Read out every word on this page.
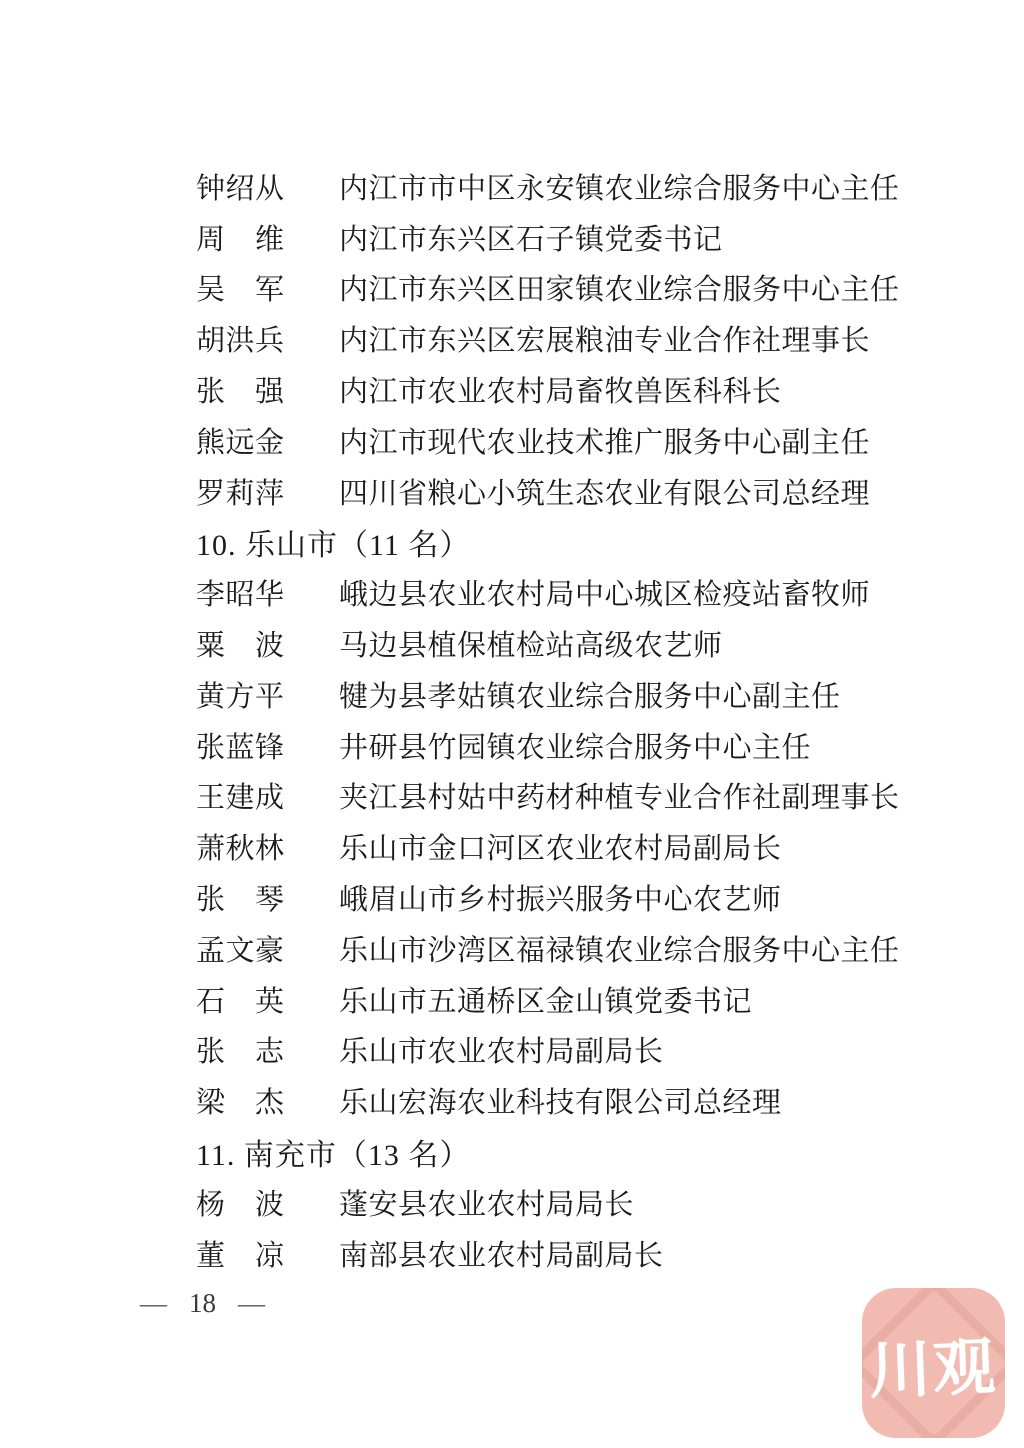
钟 绍 从 内江市市中区永安镇农业综合服务中心主任
周 维 内江市东兴区石子镇党委书记
吴 军 内江市东兴区田家镇农业综合服务中心主任
胡 洪 兵 内江市东兴区宏展粮油专业合作社理事长
张 强 内江市农业农村局畜牧兽医科科长
熊 远 金 内江市现代农业技术推广服务中心副主任
罗 莉 萍 四川省粮心小筑生态农业有限公司总经理
10. 乐山市（11 名）
李 昭 华 峨边县农业农村局中心城区检疫站畜牧师
粟 波 马边县植保植检站高级农艺师
黄 方 平 犍为县孝姑镇农业综合服务中心副主任
张 蓝 锋 井研县竹园镇农业综合服务中心主任
王 建 成 夹江县村姑中药材种植专业合作社副理事长
萧 秋 林 乐山市金口河区农业农村局副局长
张 琴 峨眉山市乡村振兴服务中心农艺师
孟 文 豪 乐山市沙湾区福禄镇农业综合服务中心主任
石 英 乐山市五通桥区金山镇党委书记
张 志 乐山市农业农村局副局长
梁 杰 乐山宏海农业科技有限公司总经理
11. 南充市（13 名）
杨 波 蓬安县农业农村局局长
董 凉 南部县农业农村局副局长
— 18 —
川观
